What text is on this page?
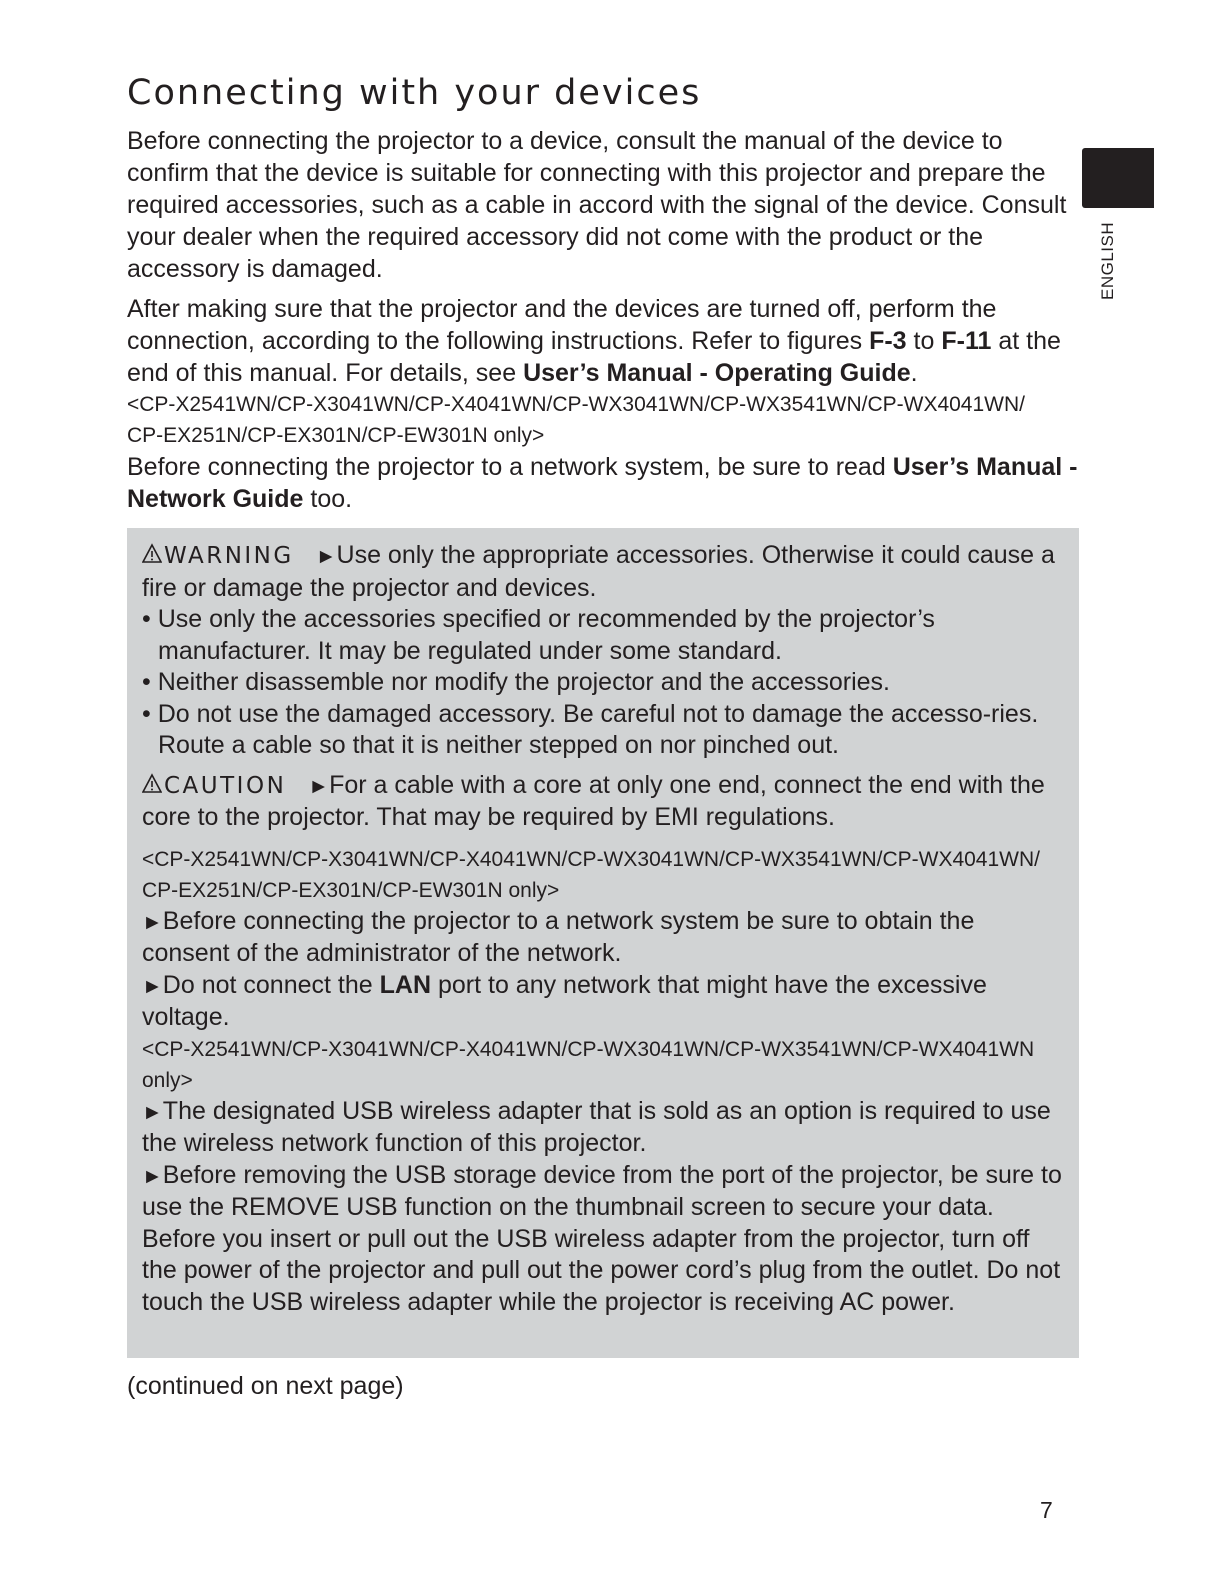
Connecting with your devices
ENGLISH

Before connecting the projector to a device, consult the manual of the device to confirm that the device is suitable for connecting with this projector and prepare the required accessories, such as a cable in accord with the signal of the device. Consult your dealer when the required accessory did not come with the product or the accessory is damaged.

After making sure that the projector and the devices are turned off, perform the connection, according to the following instructions. Refer to figures F-3 to F-11 at the end of this manual. For details, see User’s Manual - Operating Guide.

<CP-X2541WN/CP-X3041WN/CP-X4041WN/CP-WX3041WN/CP-WX3541WN/CP-WX4041WN/

CP-EX251N/CP-EX301N/CP-EW301N only>

Before connecting the projector to a network system, be sure to read User’s Manual - Network Guide too.

WARNING ►Use only the appropriate accessories. Otherwise it could cause a fire or damage the projector and devices.

• Use only the accessories specified or recommended by the projector’s manufacturer. It may be regulated under some standard.

• Neither disassemble nor modify the projector and the accessories.

• Do not use the damaged accessory. Be careful not to damage the accesso-ries. Route a cable so that it is neither stepped on nor pinched out.

CAUTION ►For a cable with a core at only one end, connect the end with the core to the projector. That may be required by EMI regulations.

<CP-X2541WN/CP-X3041WN/CP-X4041WN/CP-WX3041WN/CP-WX3541WN/CP-WX4041WN/

CP-EX251N/CP-EX301N/CP-EW301N only>

►Before connecting the projector to a network system be sure to obtain the consent of the administrator of the network.

►Do not connect the LAN port to any network that might have the excessive voltage.

<CP-X2541WN/CP-X3041WN/CP-X4041WN/CP-WX3041WN/CP-WX3541WN/CP-WX4041WN only>

►The designated USB wireless adapter that is sold as an option is required to use the wireless network function of this projector.

►Before removing the USB storage device from the port of the projector, be sure to use the REMOVE USB function on the thumbnail screen to secure your data. Before you insert or pull out the USB wireless adapter from the projector, turn off the power of the projector and pull out the power cord’s plug from the outlet. Do not touch the USB wireless adapter while the projector is receiving AC power.

(continued on next page)

7
